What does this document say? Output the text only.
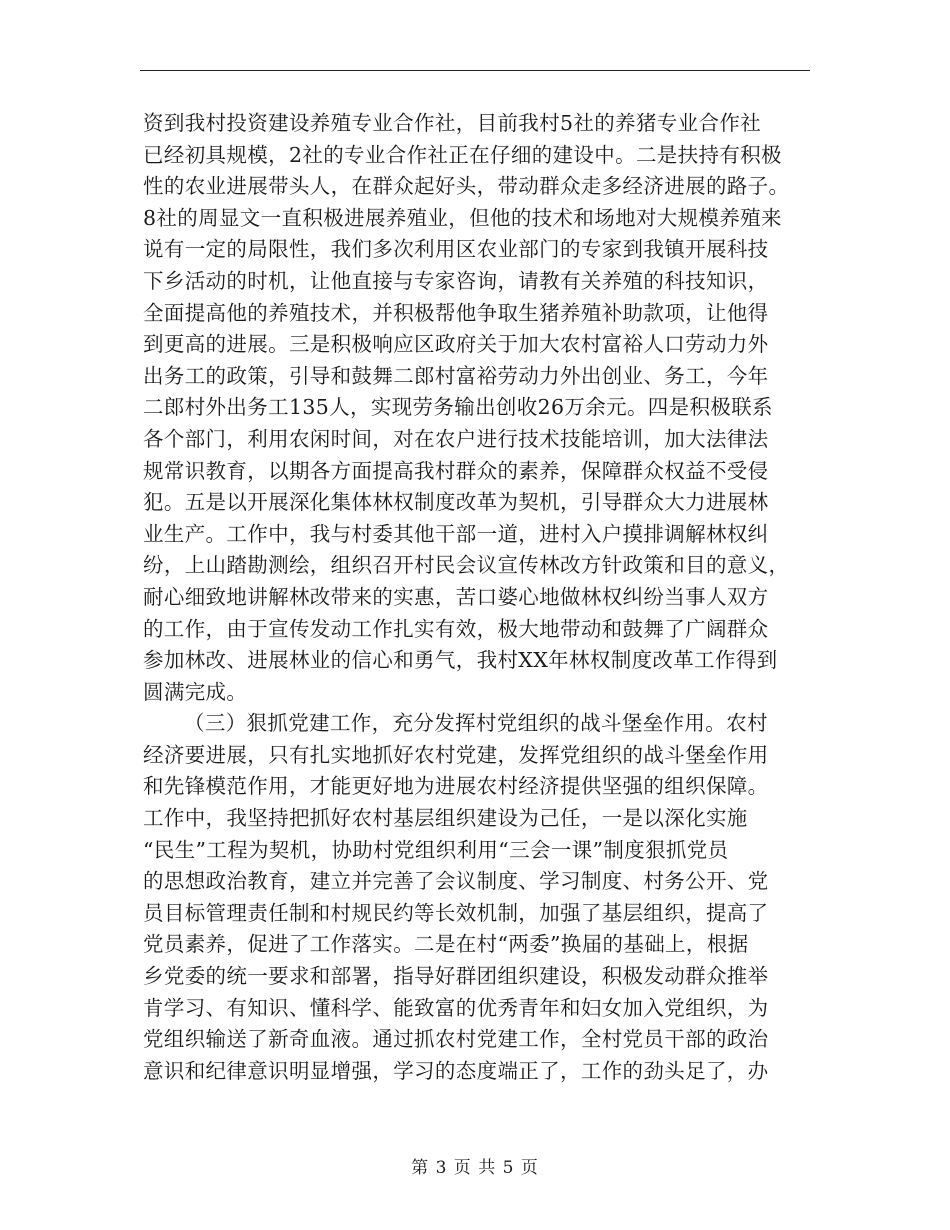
资到我村投资建设养殖专业合作社，目前我村5社的养猪专业合作社
已经初具规模，2社的专业合作社正在仔细的建设中。二是扶持有积极
性的农业进展带头人，在群众起好头，带动群众走多经济进展的路子。
8社的周显文一直积极进展养殖业，但他的技术和场地对大规模养殖来
说有一定的局限性，我们多次利用区农业部门的专家到我镇开展科技
下乡活动的时机，让他直接与专家咨询，请教有关养殖的科技知识，
全面提高他的养殖技术，并积极帮他争取生猪养殖补助款项，让他得
到更高的进展。三是积极响应区政府关于加大农村富裕人口劳动力外
出务工的政策，引导和鼓舞二郎村富裕劳动力外出创业、务工，今年
二郎村外出务工135人，实现劳务输出创收26万余元。四是积极联系
各个部门，利用农闲时间，对在农户进行技术技能培训，加大法律法
规常识教育，以期各方面提高我村群众的素养，保障群众权益不受侵
犯。五是以开展深化集体林权制度改革为契机，引导群众大力进展林
业生产。工作中，我与村委其他干部一道，进村入户摸排调解林权纠
纷，上山踏勘测绘，组织召开村民会议宣传林改方针政策和目的意义，
耐心细致地讲解林改带来的实惠，苦口婆心地做林权纠纷当事人双方
的工作，由于宣传发动工作扎实有效，极大地带动和鼓舞了广阔群众
参加林改、进展林业的信心和勇气，我村XX年林权制度改革工作得到
圆满完成。
（三）狠抓党建工作，充分发挥村党组织的战斗堡垒作用。农村
经济要进展，只有扎实地抓好农村党建，发挥党组织的战斗堡垒作用
和先锋模范作用，才能更好地为进展农村经济提供坚强的组织保障。
工作中，我坚持把抓好农村基层组织建设为己任，一是以深化实施
“民生”工程为契机，协助村党组织利用“三会一课”制度狠抓党员
的思想政治教育，建立并完善了会议制度、学习制度、村务公开、党
员目标管理责任制和村规民约等长效机制，加强了基层组织，提高了
党员素养，促进了工作落实。二是在村“两委”换届的基础上，根据
乡党委的统一要求和部署，指导好群团组织建设，积极发动群众推举
肯学习、有知识、懂科学、能致富的优秀青年和妇女加入党组织，为
党组织输送了新奇血液。通过抓农村党建工作，全村党员干部的政治
意识和纪律意识明显增强，学习的态度端正了，工作的劲头足了，办
第 3 页 共 5 页
